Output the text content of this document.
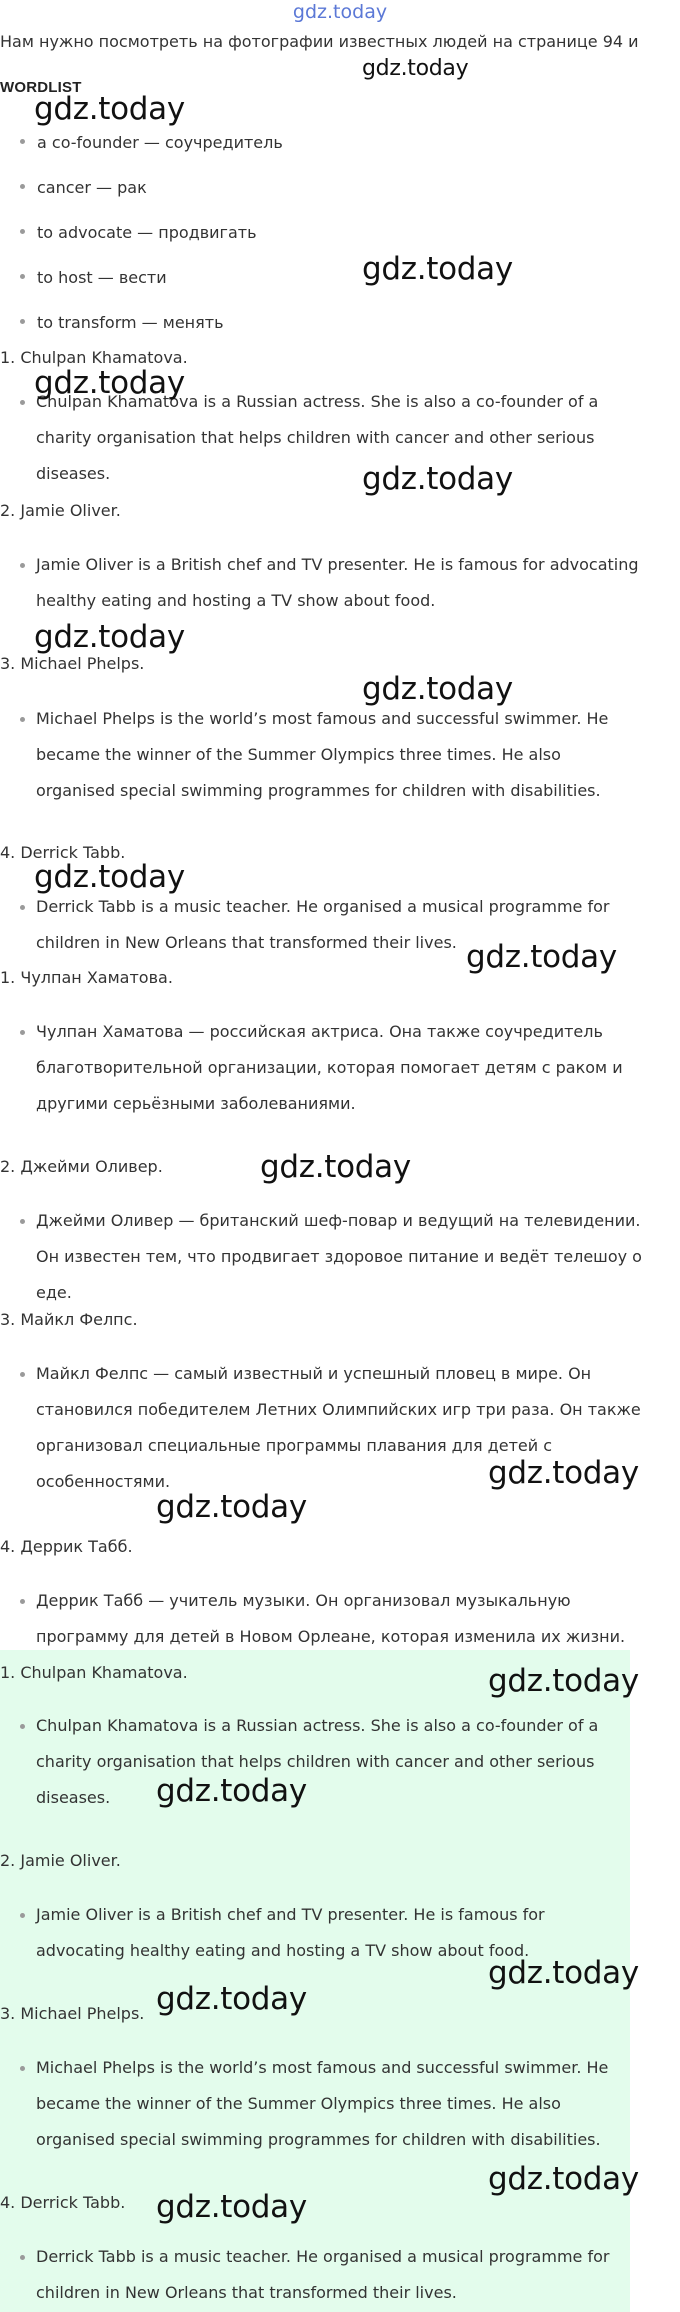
gdz.today
Нам нужно посмотреть на фотографии известных людей на странице 94 и
WORDLIST
a co-founder — соучредитель
cancer — рак
to advocate — продвигать
to host — вести
to transform — менять
1. Chulpan Khamatova.
Chulpan Khamatova is a Russian actress. She is also a co-founder of a charity organisation that helps children with cancer and other serious diseases.
2. Jamie Oliver.
Jamie Oliver is a British chef and TV presenter. He is famous for advocating healthy eating and hosting a TV show about food.
3. Michael Phelps.
Michael Phelps is the world’s most famous and successful swimmer. He became the winner of the Summer Olympics three times. He also organised special swimming programmes for children with disabilities.
4. Derrick Tabb.
Derrick Tabb is a music teacher. He organised a musical programme for children in New Orleans that transformed their lives.
1. Чулпан Хаматова.
Чулпан Хаматова — российская актриса. Она также соучредитель благотворительной организации, которая помогает детям с раком и другими серьёзными заболеваниями.
2. Джейми Оливер.
Джейми Оливер — британский шеф-повар и ведущий на телевидении. Он известен тем, что продвигает здоровое питание и ведёт телешоу о еде.
3. Майкл Фелпс.
Майкл Фелпс — самый известный и успешный пловец в мире. Он становился победителем Летних Олимпийских игр три раза. Он также организовал специальные программы плавания для детей с особенностями.
4. Деррик Табб.
Деррик Табб — учитель музыки. Он организовал музыкальную программу для детей в Новом Орлеане, которая изменила их жизни.
1. Chulpan Khamatova.
Chulpan Khamatova is a Russian actress. She is also a co-founder of a charity organisation that helps children with cancer and other serious diseases.
2. Jamie Oliver.
Jamie Oliver is a British chef and TV presenter. He is famous for advocating healthy eating and hosting a TV show about food.
3. Michael Phelps.
Michael Phelps is the world’s most famous and successful swimmer. He became the winner of the Summer Olympics three times. He also organised special swimming programmes for children with disabilities.
4. Derrick Tabb.
Derrick Tabb is a music teacher. He organised a musical programme for children in New Orleans that transformed their lives.
gdz.today
gdz.today
gdz.today
gdz.today
gdz.today
gdz.today
gdz.today
gdz.today
gdz.today
gdz.today
gdz.today
gdz.today
gdz.today
gdz.today
gdz.today
gdz.today
gdz.today
gdz.today
